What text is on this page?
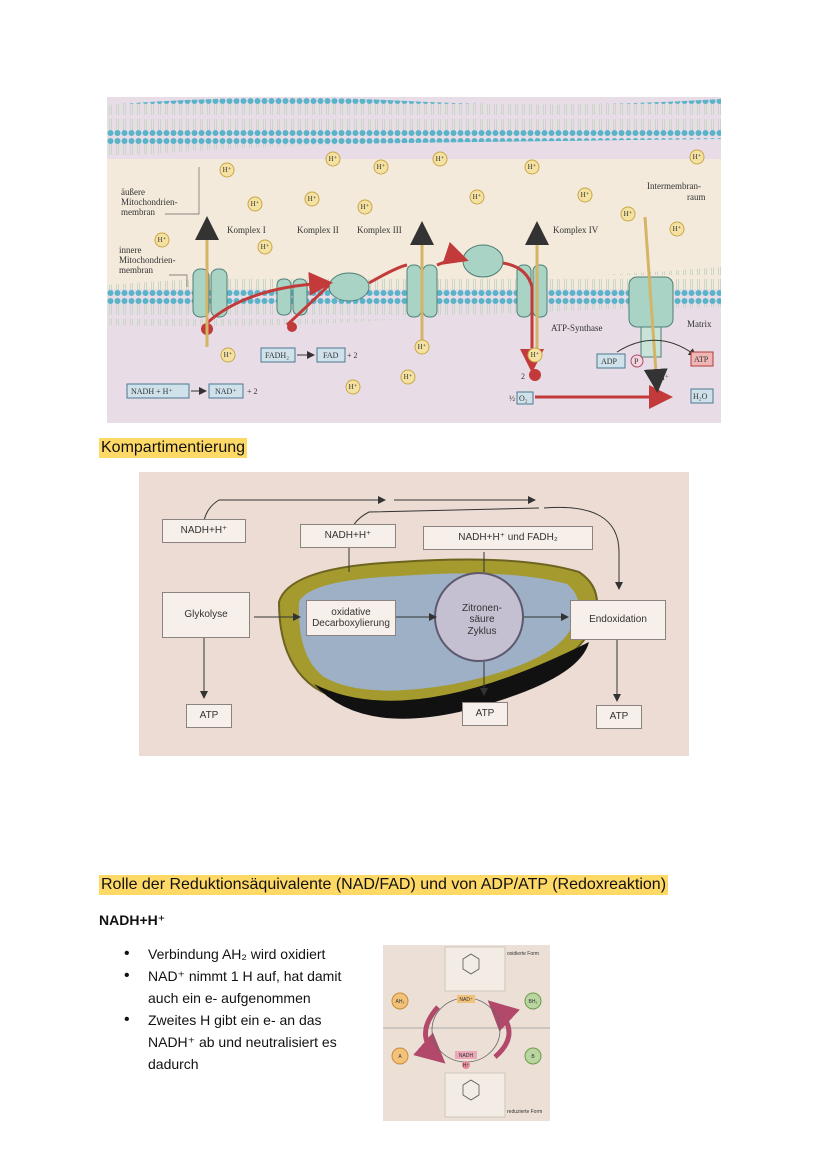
äußere
Mitochondrien-
membran
innere
Mitochondrien-
membran
Intermembran-
raum
Matrix
Komplex I	Komplex II Komplex III	Komplex IV
ATP-Synthase
H⁺
H⁺
H⁺
H⁺
H⁺
H⁺
H⁺
H⁺
H⁺	H⁺
H⁺
H⁺
H⁺
H⁺
H⁺
H⁺
H⁺
H⁺
H⁺
H⁺
NADH + H⁺	NAD⁺ + 2
FADH₂	FAD + 2
2
½ O₂
ADP P	ATP
2 H⁺
H₂O
Kompartimentierung
NADH+H⁺	NADH+H⁺	NADH+H⁺ und FADH₂
Glykolyse	oxidative
Decarboxylierung
Zitronen-
säure
Zyklus
Endoxidation
ATP	ATP	ATP
Rolle der Reduktionsäquivalente (NAD/FAD) und von ADP/ATP (Redoxreaktion)
NADH+H⁺
• Verbindung AH₂ wird oxidiert
• NAD⁺ nimmt 1 H auf, hat damit auch ein e- aufgenommen
• Zweites H gibt ein e- an das NADH⁺ ab und neutralisiert es dadurch
oxidierte Form
reduzierte Form
AH₂
A
BH₂
B
NAD⁺
NADH
H⁺
